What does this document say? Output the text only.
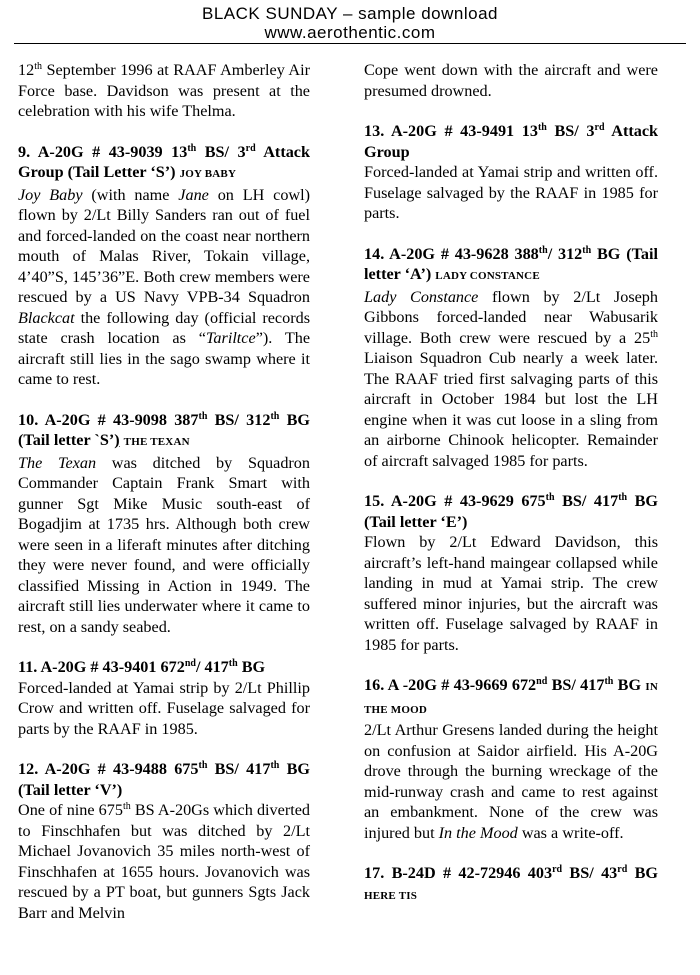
BLACK SUNDAY – sample download
www.aerothentic.com

12th September 1996 at RAAF Amberley Air Force base. Davidson was present at the celebration with his wife Thelma.

9. A-20G # 43-9039 13th BS/ 3rd Attack Group (Tail Letter ‘S’) JOY BABY

Joy Baby (with name Jane on LH cowl) flown by 2/Lt Billy Sanders ran out of fuel and forced-landed on the coast near northern mouth of Malas River, Tokain village, 4’40”S, 145’36”E. Both crew members were rescued by a US Navy VPB-34 Squadron Blackcat the following day (official records state crash location as “Tariltce”). The aircraft still lies in the sago swamp where it came to rest.

10. A-20G # 43-9098 387th BS/ 312th BG (Tail letter `S’) THE TEXAN

The Texan was ditched by Squadron Commander Captain Frank Smart with gunner Sgt Mike Music south-east of Bogadjim at 1735 hrs. Although both crew were seen in a liferaft minutes after ditching they were never found, and were officially classified Missing in Action in 1949. The aircraft still lies underwater where it came to rest, on a sandy seabed.

11. A-20G # 43-9401 672nd/ 417th BG

Forced-landed at Yamai strip by 2/Lt Phillip Crow and written off. Fuselage salvaged for parts by the RAAF in 1985.

12. A-20G # 43-9488 675th BS/ 417th BG (Tail letter ‘V’)

One of nine 675th BS A-20Gs which diverted to Finschhafen but was ditched by 2/Lt Michael Jovanovich 35 miles north-west of Finschhafen at 1655 hours. Jovanovich was rescued by a PT boat, but gunners Sgts Jack Barr and Melvin

Cope went down with the aircraft and were presumed drowned.

13. A-20G # 43-9491 13th BS/ 3rd Attack Group

Forced-landed at Yamai strip and written off. Fuselage salvaged by the RAAF in 1985 for parts.

14. A-20G # 43-9628 388th/ 312th BG (Tail letter ‘A’) LADY CONSTANCE

Lady Constance flown by 2/Lt Joseph Gibbons forced-landed near Wabusarik village. Both crew were rescued by a 25th Liaison Squadron Cub nearly a week later. The RAAF tried first salvaging parts of this aircraft in October 1984 but lost the LH engine when it was cut loose in a sling from an airborne Chinook helicopter. Remainder of aircraft salvaged 1985 for parts.

15. A-20G # 43-9629 675th BS/ 417th BG (Tail letter ‘E’)

Flown by 2/Lt Edward Davidson, this aircraft’s left-hand maingear collapsed while landing in mud at Yamai strip. The crew suffered minor injuries, but the aircraft was written off. Fuselage salvaged by RAAF in 1985 for parts.

16. A -20G # 43-9669 672nd BS/ 417th BG IN THE MOOD

2/Lt Arthur Gresens landed during the height on confusion at Saidor airfield. His A-20G drove through the burning wreckage of the mid-runway crash and came to rest against an embankment. None of the crew was injured but In the Mood was a write-off.

17. B-24D # 42-72946 403rd BS/ 43rd BG HERE TIS
